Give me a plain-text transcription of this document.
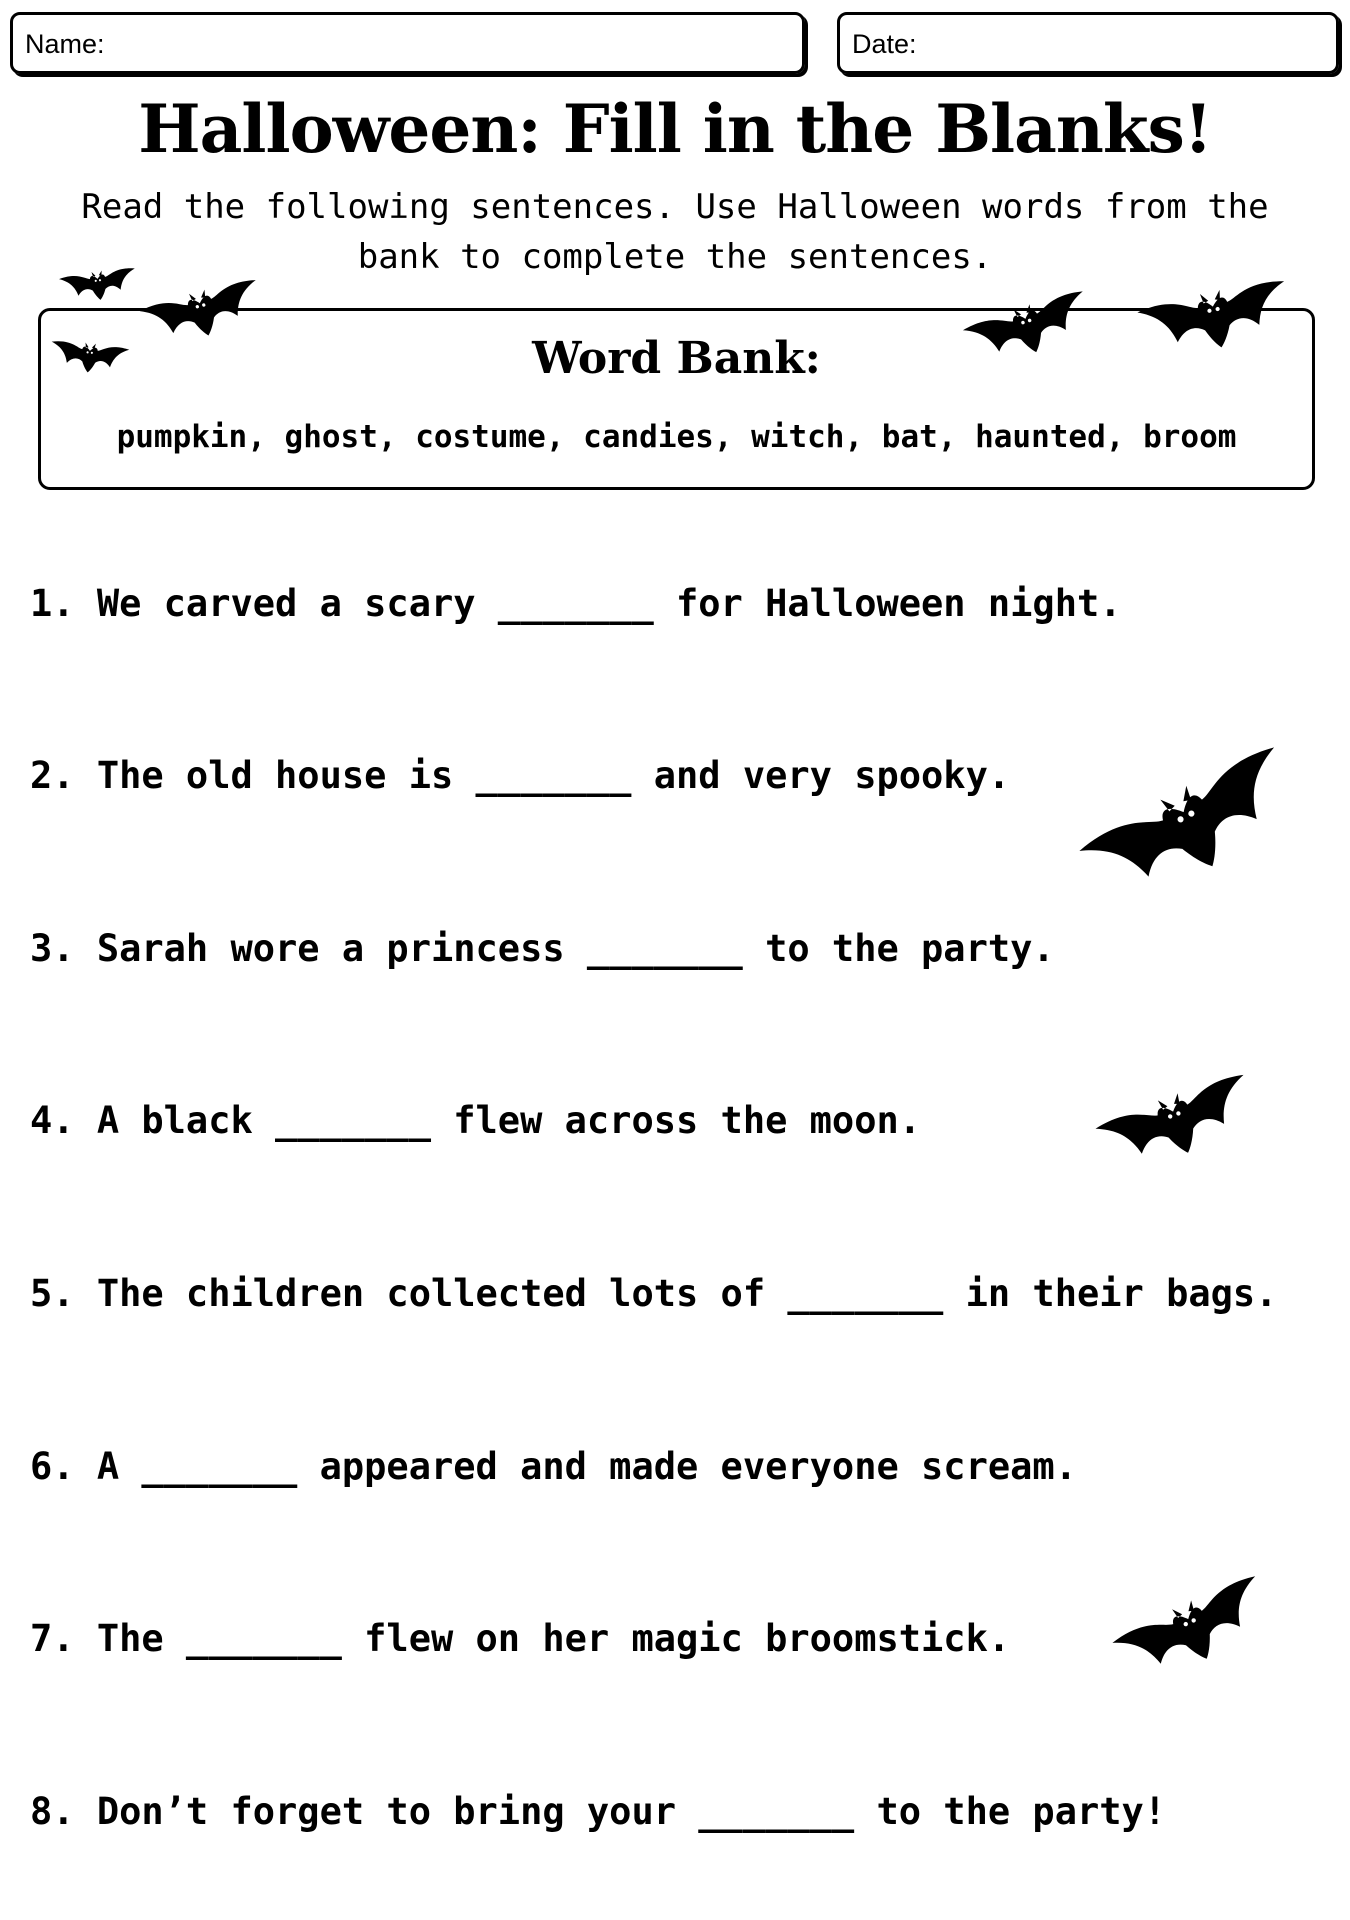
Name:	Date:
Halloween: Fill in the Blanks!

Read the following sentences. Use Halloween words from the bank to complete the sentences.

Word Bank:

pumpkin, ghost, costume, candies, witch, bat, haunted, broom

1. We carved a scary _______ for Halloween night.

2. The old house is _______ and very spooky.

3. Sarah wore a princess _______ to the party.

4. A black _______ flew across the moon.

5. The children collected lots of _______ in their bags.

6. A _______ appeared and made everyone scream.

7. The _______ flew on her magic broomstick.

8. Don’t forget to bring your _______ to the party!
